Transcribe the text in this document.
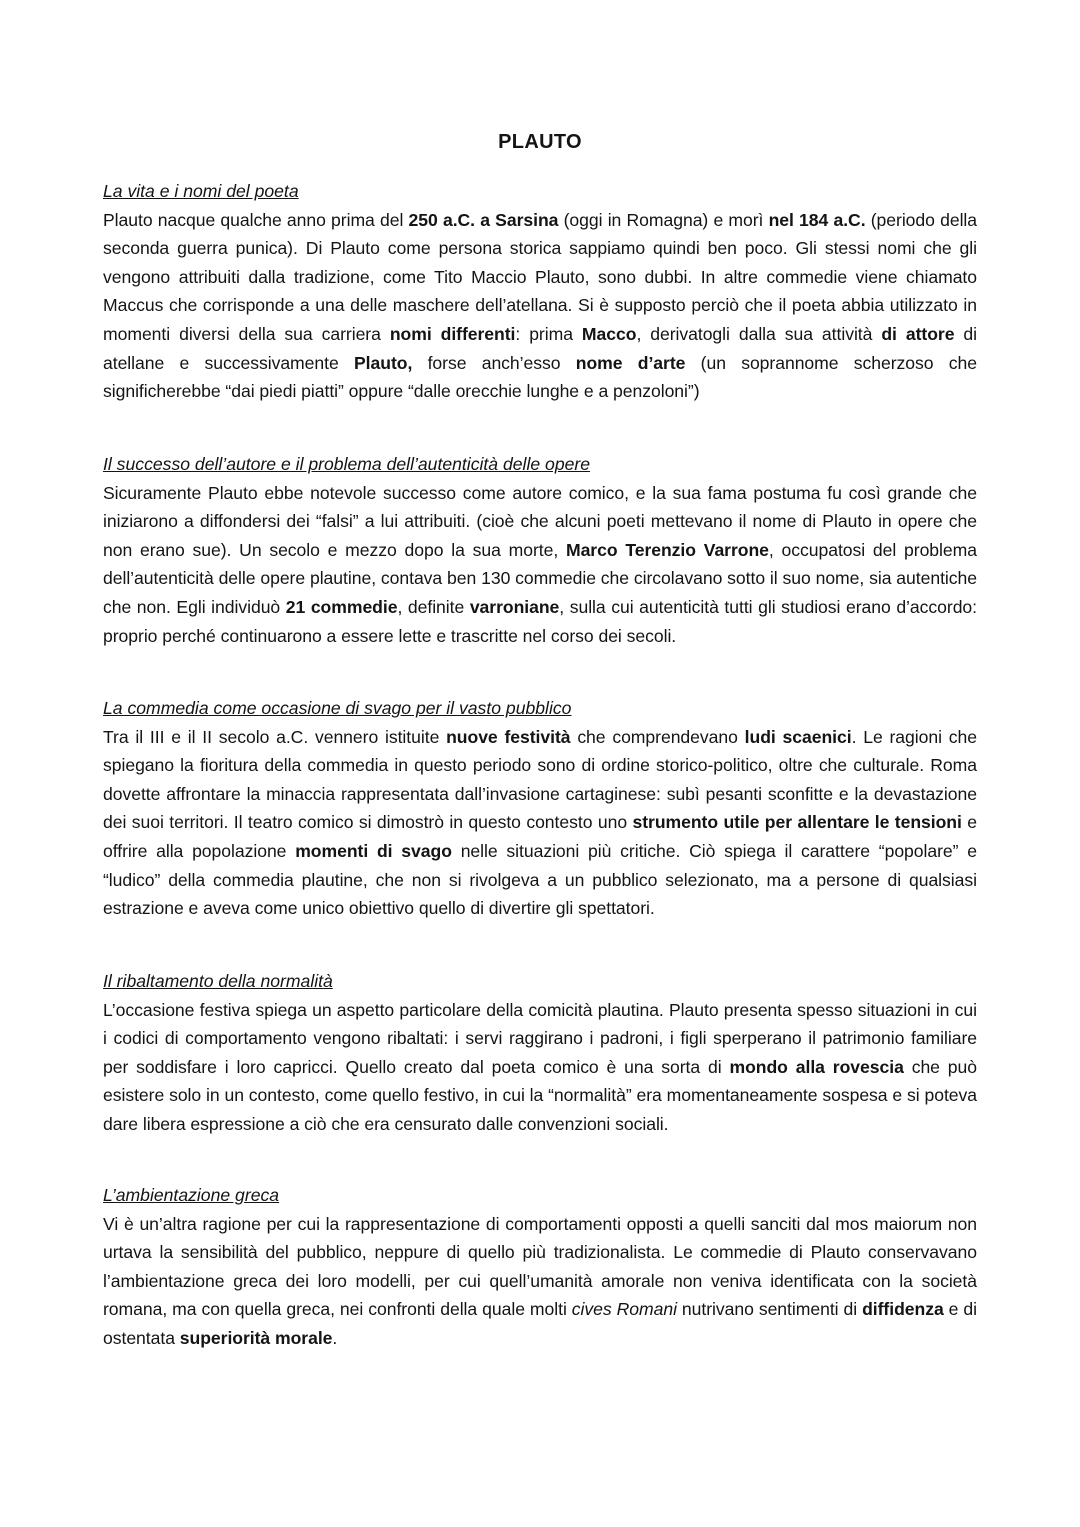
PLAUTO

La vita e i nomi del poeta

Plauto nacque qualche anno prima del 250 a.C. a Sarsina (oggi in Romagna) e morì nel 184 a.C. (periodo della seconda guerra punica). Di Plauto come persona storica sappiamo quindi ben poco. Gli stessi nomi che gli vengono attribuiti dalla tradizione, come Tito Maccio Plauto, sono dubbi. In altre commedie viene chiamato Maccus che corrisponde a una delle maschere dell’atellana. Si è supposto perciò che il poeta abbia utilizzato in momenti diversi della sua carriera nomi differenti: prima Macco, derivatogli dalla sua attività di attore di atellane e successivamente Plauto, forse anch’esso nome d’arte (un soprannome scherzoso che significherebbe “dai piedi piatti” oppure “dalle orecchie lunghe e a penzoloni”)

Il successo dell’autore e il problema dell’autenticità delle opere

Sicuramente Plauto ebbe notevole successo come autore comico, e la sua fama postuma fu così grande che iniziarono a diffondersi dei “falsi” a lui attribuiti. (cioè che alcuni poeti mettevano il nome di Plauto in opere che non erano sue). Un secolo e mezzo dopo la sua morte, Marco Terenzio Varrone, occupatosi del problema dell’autenticità delle opere plautine, contava ben 130 commedie che circolavano sotto il suo nome, sia autentiche che non. Egli individuò 21 commedie, definite varroniane, sulla cui autenticità tutti gli studiosi erano d’accordo: proprio perché continuarono a essere lette e trascritte nel corso dei secoli.

La commedia come occasione di svago per il vasto pubblico

Tra il III e il II secolo a.C. vennero istituite nuove festività che comprendevano ludi scaenici. Le ragioni che spiegano la fioritura della commedia in questo periodo sono di ordine storico-politico, oltre che culturale. Roma dovette affrontare la minaccia rappresentata dall’invasione cartaginese: subì pesanti sconfitte e la devastazione dei suoi territori. Il teatro comico si dimostrò in questo contesto uno strumento utile per allentare le tensioni e offrire alla popolazione momenti di svago nelle situazioni più critiche. Ciò spiega il carattere “popolare” e “ludico” della commedia plautine, che non si rivolgeva a un pubblico selezionato, ma a persone di qualsiasi estrazione e aveva come unico obiettivo quello di divertire gli spettatori.

Il ribaltamento della normalità

L’occasione festiva spiega un aspetto particolare della comicità plautina. Plauto presenta spesso situazioni in cui i codici di comportamento vengono ribaltati: i servi raggirano i padroni, i figli sperperano il patrimonio familiare per soddisfare i loro capricci. Quello creato dal poeta comico è una sorta di mondo alla rovescia che può esistere solo in un contesto, come quello festivo, in cui la “normalità” era momentaneamente sospesa e si poteva dare libera espressione a ciò che era censurato dalle convenzioni sociali.

L’ambientazione greca

Vi è un’altra ragione per cui la rappresentazione di comportamenti opposti a quelli sanciti dal mos maiorum non urtava la sensibilità del pubblico, neppure di quello più tradizionalista. Le commedie di Plauto conservavano l’ambientazione greca dei loro modelli, per cui quell’umanità amorale non veniva identificata con la società romana, ma con quella greca, nei confronti della quale molti cives Romani nutrivano sentimenti di diffidenza e di ostentata superiorità morale.
